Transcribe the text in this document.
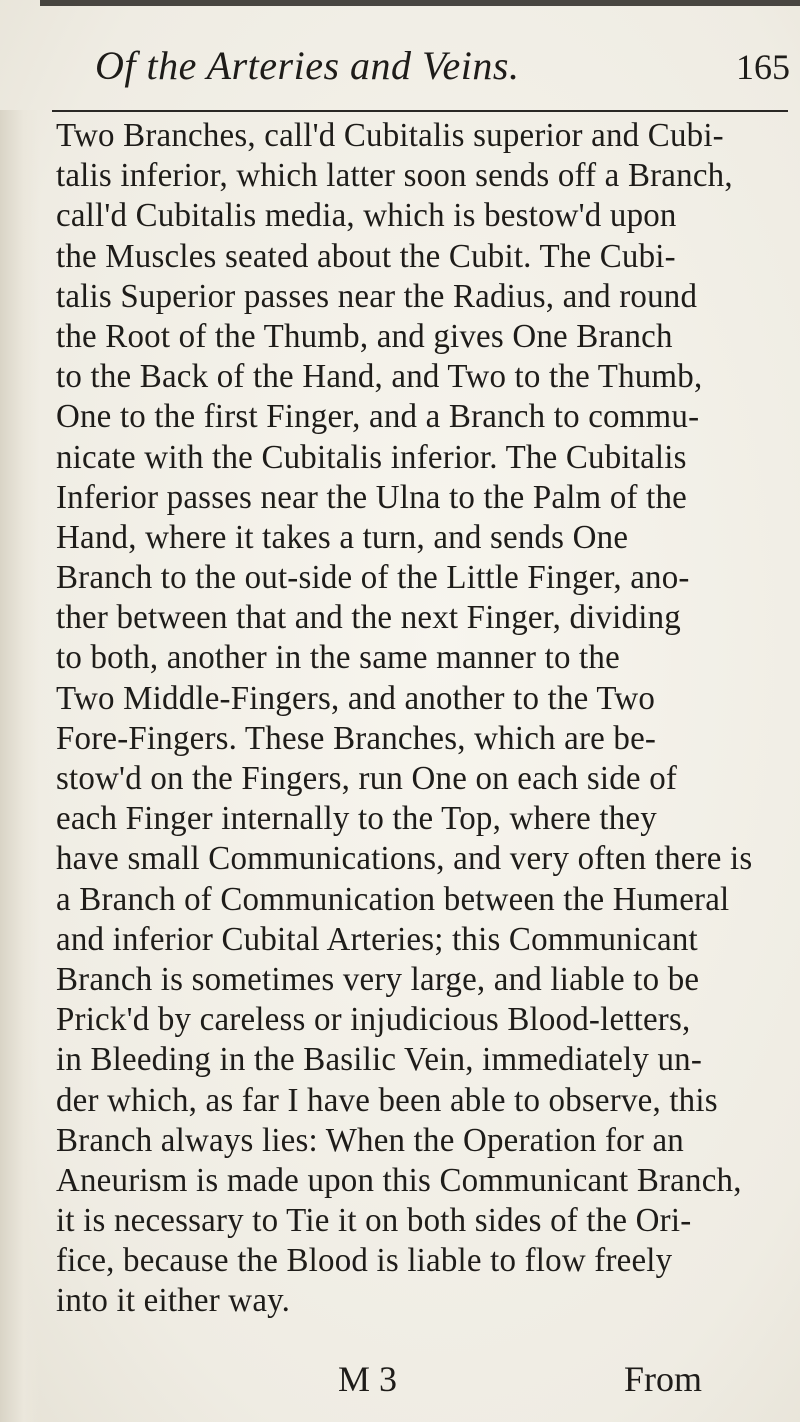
Of the Arteries and Veins.	165
Two Branches, call'd Cubitalis superior and Cubi-
talis inferior, which latter soon sends off a Branch,
call'd Cubitalis media, which is bestow'd upon
the Muscles seated about the Cubit. The Cubi-
talis Superior passes near the Radius, and round
the Root of the Thumb, and gives One Branch
to the Back of the Hand, and Two to the Thumb,
One to the first Finger, and a Branch to commu-
nicate with the Cubitalis inferior. The Cubitalis
Inferior passes near the Ulna to the Palm of the
Hand, where it takes a turn, and sends One
Branch to the out-side of the Little Finger, ano-
ther between that and the next Finger, dividing
to both, another in the same manner to the
Two Middle-Fingers, and another to the Two
Fore-Fingers. These Branches, which are be-
stow'd on the Fingers, run One on each side of
each Finger internally to the Top, where they
have small Communications, and very often there is
a Branch of Communication between the Humeral
and inferior Cubital Arteries; this Communicant
Branch is sometimes very large, and liable to be
Prick'd by careless or injudicious Blood-letters,
in Bleeding in the Basilic Vein, immediately un-
der which, as far I have been able to observe, this
Branch always lies: When the Operation for an
Aneurism is made upon this Communicant Branch,
it is necessary to Tie it on both sides of the Ori-
fice, because the Blood is liable to flow freely
into it either way.
M 3	From
